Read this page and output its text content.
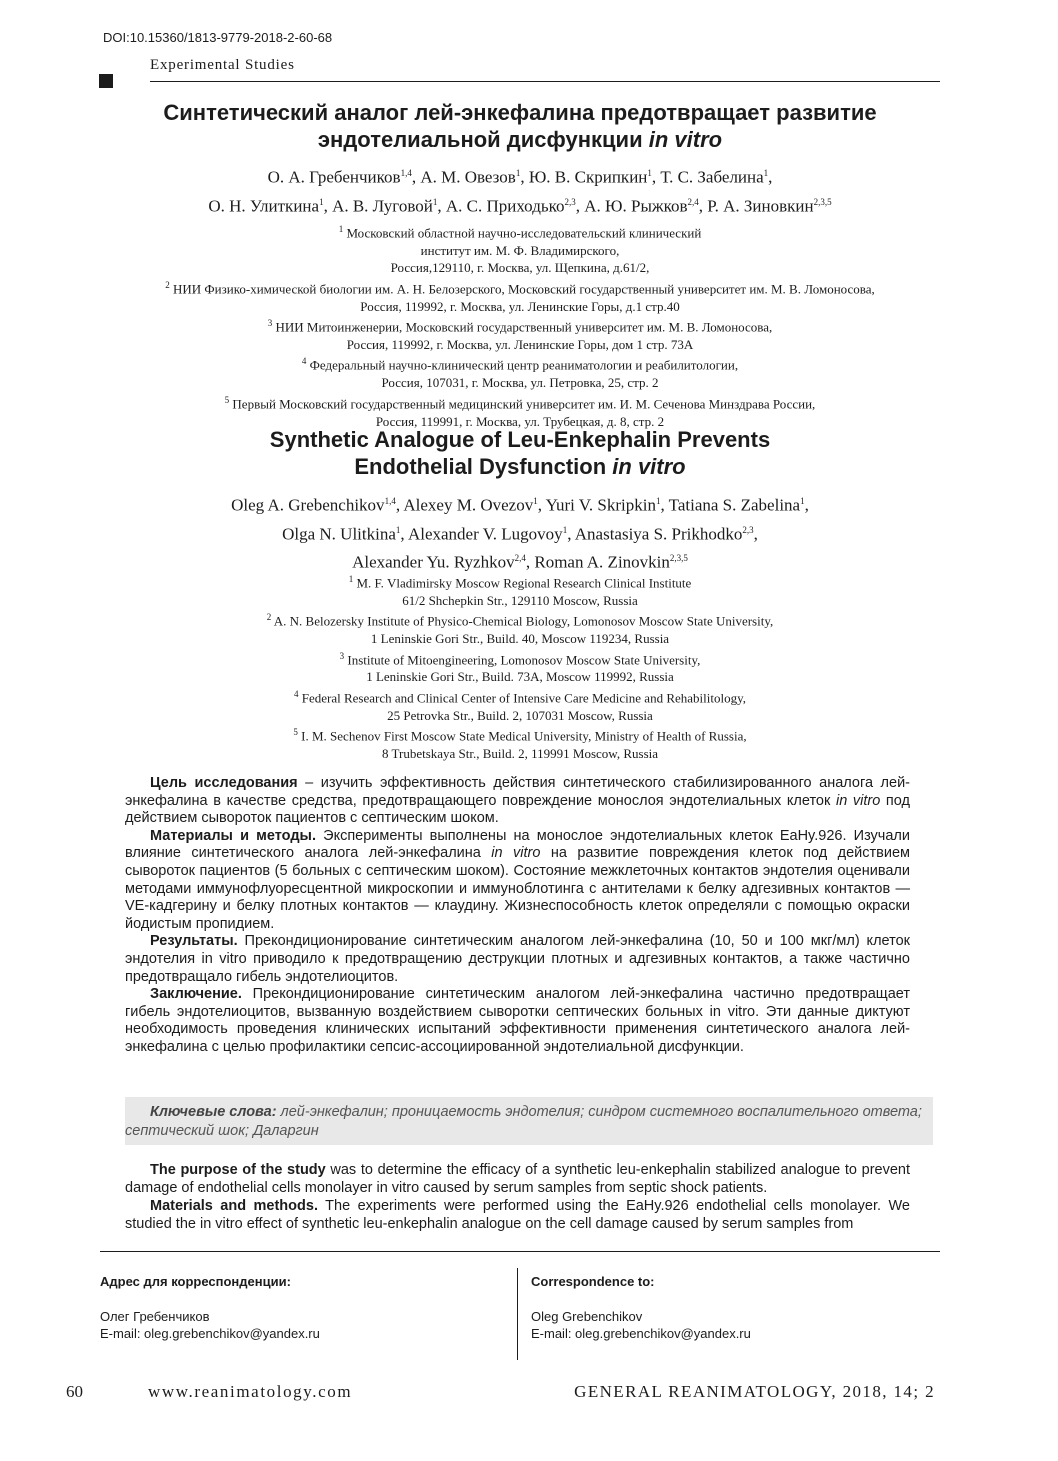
DOI:10.15360/1813-9779-2018-2-60-68
Experimental Studies
Синтетический аналог лей-энкефалина предотвращает развитие
эндотелиальной дисфункции in vitro
О. А. Гребенчиков$^{1,4}$, А. М. Овезов$^1$, Ю. В. Скрипкин$^1$, Т. С. Забелина$^1$,
О. Н. Улиткина$^1$, А. В. Луговой$^1$, А. С. Приходько$^{2,3}$, А. Ю. Рыжков$^{2,4}$, Р. А. Зиновкин$^{2,3,5}$
$^1$ Московский областной научно-исследовательский клинический
институт им. М. Ф. Владимирского,
Россия,129110, г. Москва, ул. Щепкина, д.61/2,
$^2$ НИИ Физико-химической биологии им. А. Н. Белозерского, Московский государственный университет им. М. В. Ломоносова,
Россия, 119992, г. Москва, ул. Ленинские Горы, д.1 стр.40
$^3$ НИИ Митоинженерии, Московский государственный университет им. М. В. Ломоносова,
Россия, 119992, г. Москва, ул. Ленинские Горы, дом 1 стр. 73А
$^4$ Федеральный научно-клинический центр реаниматологии и реабилитологии,
Россия, 107031, г. Москва, ул. Петровка, 25, стр. 2
$^5$ Первый Московский государственный медицинский университет им. И. М. Сеченова Минздрава России,
Россия, 119991, г. Москва, ул. Трубецкая, д. 8, стр. 2
Synthetic Analogue of Leu-Enkephalin Prevents
Endothelial Dysfunction in vitro
Oleg A. Grebenchikov$^{1,4}$, Alexey M. Ovezov$^1$, Yuri V. Skripkin$^1$, Tatiana S. Zabelina$^1$,
Olga N. Ulitkina$^1$, Alexander V. Lugovoy$^1$, Anastasiya S. Prikhodko$^{2,3}$,
Alexander Yu. Ryzhkov$^{2,4}$, Roman A. Zinovkin$^{2,3,5}$
$^1$ M. F. Vladimirsky Moscow Regional Research Clinical Institute
61/2 Shchepkin Str., 129110 Moscow, Russia
$^2$ A. N. Belozersky Institute of Physico-Chemical Biology, Lomonosov Moscow State University,
1 Leninskie Gori Str., Build. 40, Moscow 119234, Russia
$^3$ Institute of Mitoengineering, Lomonosov Moscow State University,
1 Leninskie Gori Str., Build. 73A, Moscow 119992, Russia
$^4$ Federal Research and Clinical Center of Intensive Care Medicine and Rehabilitology,
25 Petrovka Str., Build. 2, 107031 Moscow, Russia
$^5$ I. M. Sechenov First Moscow State Medical University, Ministry of Health of Russia,
8 Trubetskaya Str., Build. 2, 119991 Moscow, Russia

Цель исследования – изучить эффективность действия синтетического стабилизированного аналога лей-энкефалина в качестве средства, предотвращающего повреждение монослоя эндотелиальных клеток in vitro под действием сывороток пациентов с септическим шоком.

Материалы и методы. Эксперименты выполнены на монослое эндотелиальных клеток EaHy.926. Изучали влияние синтетического аналога лей-энкефалина in vitro на развитие повреждения клеток под действием сывороток пациентов (5 больных с септическим шоком). Состояние межклеточных контактов эндотелия оценивали методами иммунофлуоресцентной микроскопии и иммуноблотинга с антителами к белку адгезивных контактов — VE-кадгерину и белку плотных контактов — клаудину. Жизнеспособность клеток определяли с помощью окраски йодистым пропидием.

Результаты. Прекондиционирование синтетическим аналогом лей-энкефалина (10, 50 и 100 мкг/мл) клеток эндотелия in vitro приводило к предотвращению деструкции плотных и адгезивных контактов, а также частично предотвращало гибель эндотелиоцитов.

Заключение. Прекондиционирование синтетическим аналогом лей-энкефалина частично предотвращает гибель эндотелиоцитов, вызванную воздействием сыворотки септических больных in vitro. Эти данные диктуют необходимость проведения клинических испытаний эффективности применения синтетического аналога лей-энкефалина с целью профилактики сепсис-ассоциированной эндотелиальной дисфункции.

Ключевые слова: лей-энкефалин; проницаемость эндотелия; синдром системного воспалительного ответа; септический шок; Даларгин

The purpose of the study was to determine the efficacy of a synthetic leu-enkephalin stabilized analogue to prevent damage of endothelial cells monolayer in vitro caused by serum samples from septic shock patients.

Materials and methods. The experiments were performed using the EaHy.926 endothelial cells monolayer. We studied the in vitro effect of synthetic leu-enkephalin analogue on the cell damage caused by serum samples from

Адрес для корреспонденции:
Олег Гребенчиков
E-mail: oleg.grebenchikov@yandex.ru
Correspondence to:
Oleg Grebenchikov
E-mail: oleg.grebenchikov@yandex.ru
60	www.reanimatology.com	GENERAL REANIMATOLOGY, 2018, 14; 2
